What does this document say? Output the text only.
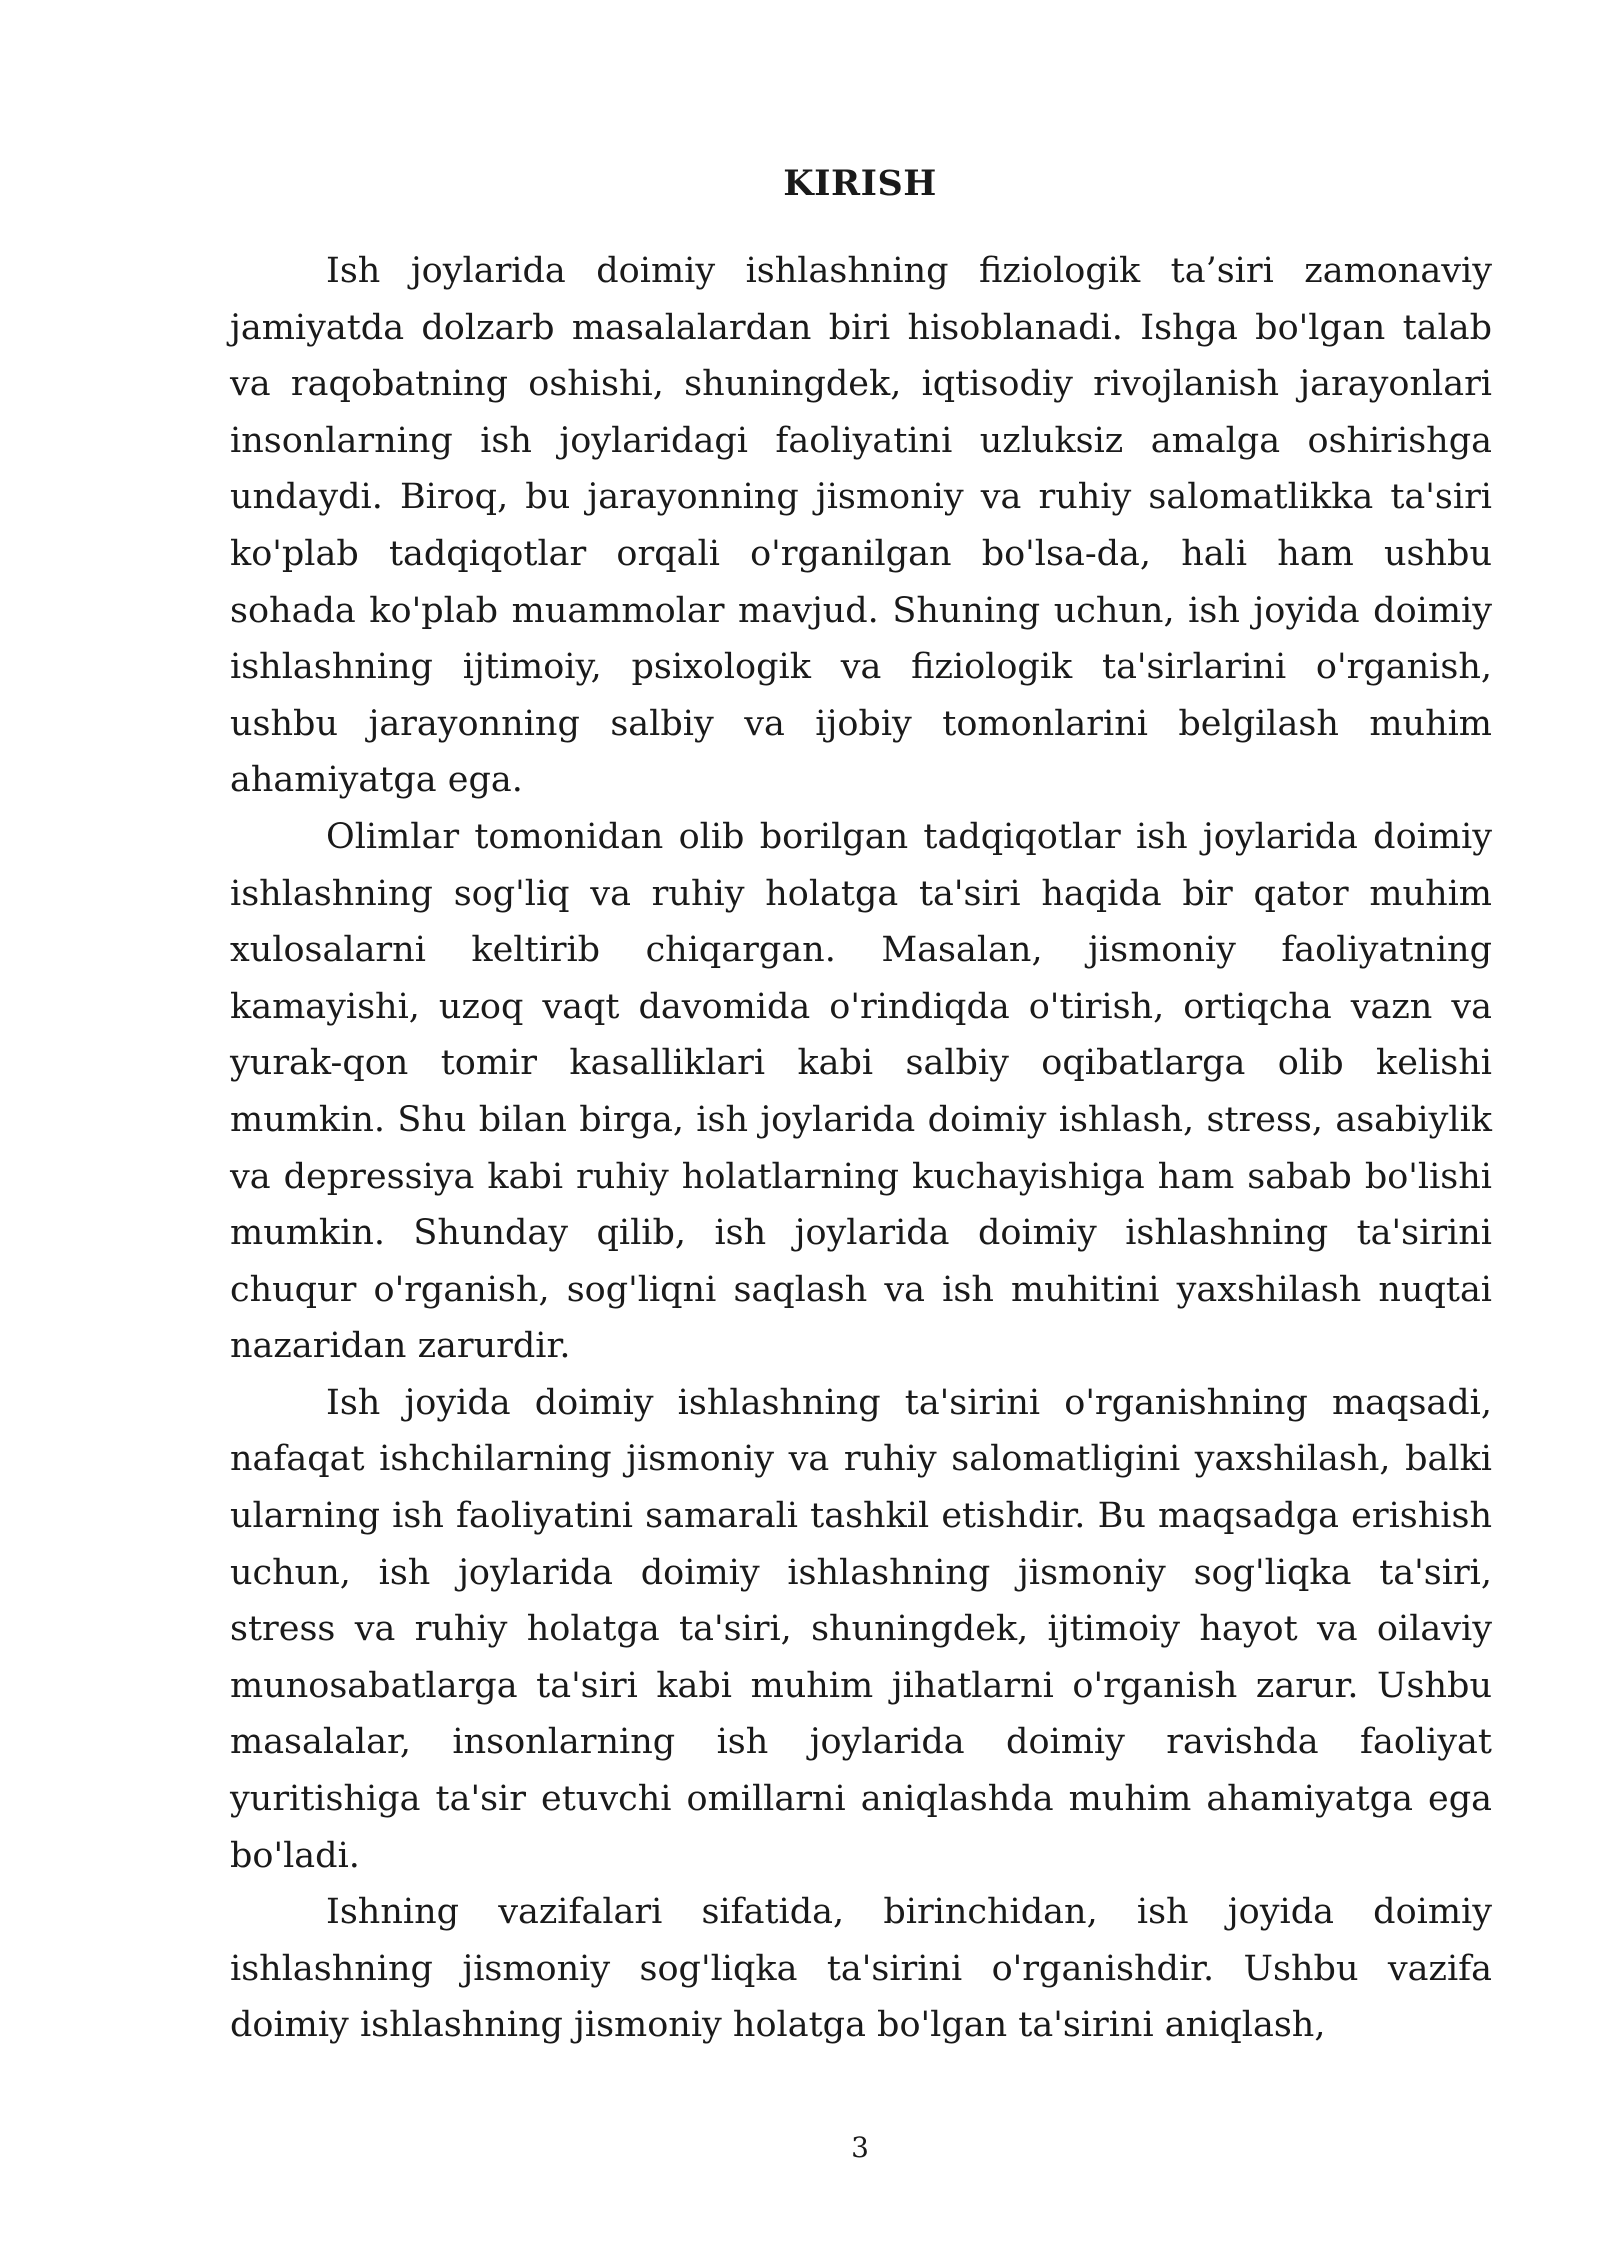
KIRISH

Ish joylarida doimiy ishlashning fiziologik ta’siri zamonaviy jamiyatda dolzarb masalalardan biri hisoblanadi. Ishga bo'lgan talab va raqobatning oshishi, shuningdek, iqtisodiy rivojlanish jarayonlari insonlarning ish joylaridagi faoliyatini uzluksiz amalga oshirishga undaydi. Biroq, bu jarayonning jismoniy va ruhiy salomatlikka ta'siri ko'plab tadqiqotlar orqali o'rganilgan bo'lsa-da, hali ham ushbu sohada ko'plab muammolar mavjud. Shuning uchun, ish joyida doimiy ishlashning ijtimoiy, psixologik va fiziologik ta'sirlarini o'rganish, ushbu jarayonning salbiy va ijobiy tomonlarini belgilash muhim ahamiyatga ega.

Olimlar tomonidan olib borilgan tadqiqotlar ish joylarida doimiy ishlashning sog'liq va ruhiy holatga ta'siri haqida bir qator muhim xulosalarni keltirib chiqargan. Masalan, jismoniy faoliyatning kamayishi, uzoq vaqt davomida o'rindiqda o'tirish, ortiqcha vazn va yurak-qon tomir kasalliklari kabi salbiy oqibatlarga olib kelishi mumkin. Shu bilan birga, ish joylarida doimiy ishlash, stress, asabiylik va depressiya kabi ruhiy holatlarning kuchayishiga ham sabab bo'lishi mumkin. Shunday qilib, ish joylarida doimiy ishlashning ta'sirini chuqur o'rganish, sog'liqni saqlash va ish muhitini yaxshilash nuqtai nazaridan zarurdir.

Ish joyida doimiy ishlashning ta'sirini o'rganishning maqsadi, nafaqat ishchilarning jismoniy va ruhiy salomatligini yaxshilash, balki ularning ish faoliyatini samarali tashkil etishdir. Bu maqsadga erishish uchun, ish joylarida doimiy ishlashning jismoniy sog'liqka ta'siri, stress va ruhiy holatga ta'siri, shuningdek, ijtimoiy hayot va oilaviy munosabatlarga ta'siri kabi muhim jihatlarni o'rganish zarur. Ushbu masalalar, insonlarning ish joylarida doimiy ravishda faoliyat yuritishiga ta'sir etuvchi omillarni aniqlashda muhim ahamiyatga ega bo'ladi.

Ishning vazifalari sifatida, birinchidan, ish joyida doimiy ishlashning jismoniy sog'liqka ta'sirini o'rganishdir. Ushbu vazifa doimiy ishlashning jismoniy holatga bo'lgan ta'sirini aniqlash,

3
